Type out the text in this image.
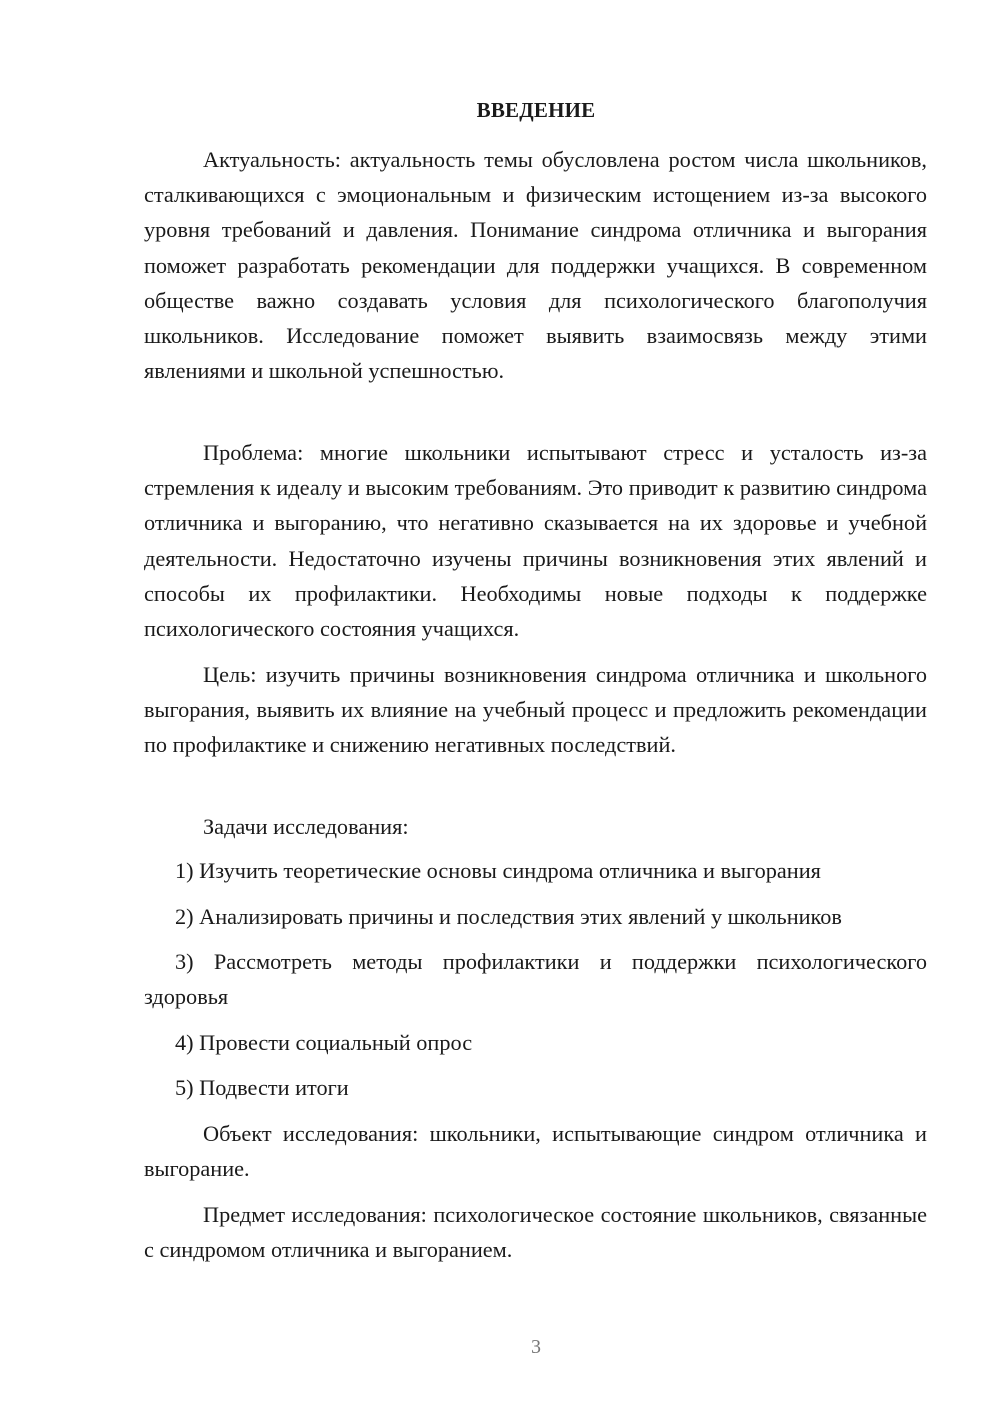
ВВЕДЕНИЕ
Актуальность: актуальность темы обусловлена ростом числа школьников, сталкивающихся с эмоциональным и физическим истощением из-за высокого уровня требований и давления. Понимание синдрома отличника и выгорания поможет разработать рекомендации для поддержки учащихся. В современном обществе важно создавать условия для психологического благополучия школьников. Исследование поможет выявить взаимосвязь между этими явлениями и школьной успешностью.
Проблема: многие школьники испытывают стресс и усталость из-за стремления к идеалу и высоким требованиям. Это приводит к развитию синдрома отличника и выгоранию, что негативно сказывается на их здоровье и учебной деятельности. Недостаточно изучены причины возникновения этих явлений и способы их профилактики. Необходимы новые подходы к поддержке психологического состояния учащихся.
Цель: изучить причины возникновения синдрома отличника и школьного выгорания, выявить их влияние на учебный процесс и предложить рекомендации по профилактике и снижению негативных последствий.
Задачи исследования:
1) Изучить теоретические основы синдрома отличника и выгорания
2) Анализировать причины и последствия этих явлений у школьников
3) Рассмотреть методы профилактики и поддержки психологического здоровья
4) Провести социальный опрос
5) Подвести итоги
Объект исследования: школьники, испытывающие синдром отличника и выгорание.
Предмет исследования: психологическое состояние школьников, связанные с синдромом отличника и выгоранием.
3
